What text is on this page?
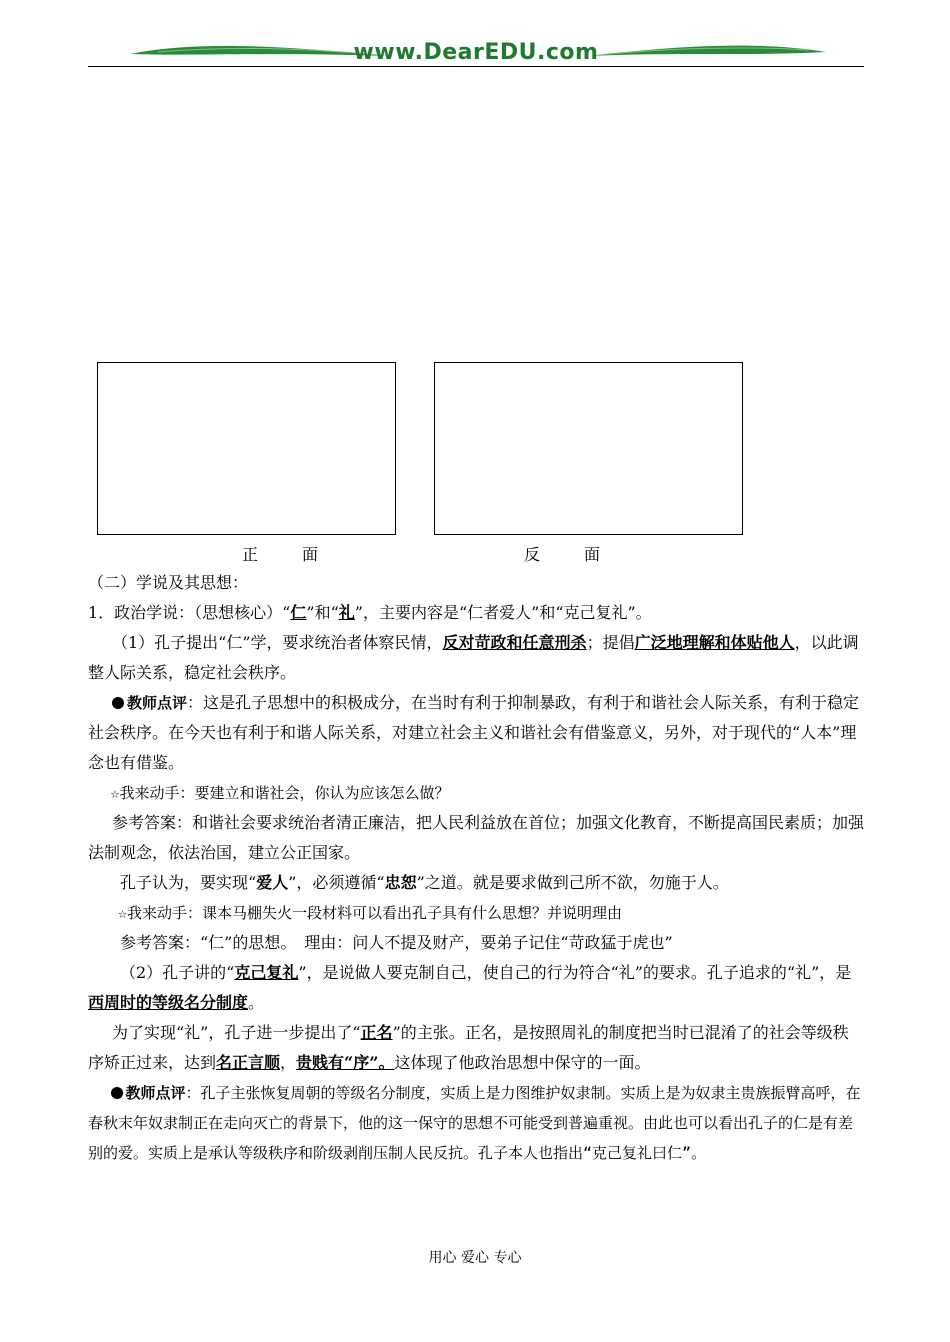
www.DearEDU.com
正　面	反　面

（二）学说及其思想：

1．政治学说：（思想核心）“仁”和“礼”，主要内容是“仁者爱人”和“克己复礼”。

（1）孔子提出“仁”学，要求统治者体察民情，反对苛政和任意刑杀；提倡广泛地理解和体贴他人，以此调整人际关系，稳定社会秩序。

教师点评：这是孔子思想中的积极成分，在当时有利于抑制暴政，有利于和谐社会人际关系，有利于稳定社会秩序。在今天也有利于和谐人际关系，对建立社会主义和谐社会有借鉴意义，另外，对于现代的“人本”理念也有借鉴。

☆我来动手：要建立和谐社会，你认为应该怎么做？

参考答案：和谐社会要求统治者清正廉洁，把人民利益放在首位；加强文化教育，不断提高国民素质；加强法制观念，依法治国，建立公正国家。

孔子认为，要实现“爱人”，必须遵循“忠恕”之道。就是要求做到己所不欲，勿施于人。

☆我来动手：课本马棚失火一段材料可以看出孔子具有什么思想？并说明理由

参考答案：“仁”的思想。　理由：问人不提及财产，要弟子记住“苛政猛于虎也”

（2）孔子讲的“克己复礼”，是说做人要克制自己，使自己的行为符合“礼”的要求。孔子追求的“礼”，是西周时的等级名分制度。

为了实现“礼”，孔子进一步提出了“正名”的主张。正名，是按照周礼的制度把当时已混淆了的社会等级秩序矫正过来，达到名正言顺，贵贱有“序”。这体现了他政治思想中保守的一面。

教师点评：孔子主张恢复周朝的等级名分制度，实质上是力图维护奴隶制。实质上是为奴隶主贵族振臂高呼，在春秋末年奴隶制正在走向灭亡的背景下，他的这一保守的思想不可能受到普遍重视。由此也可以看出孔子的仁是有差别的爱。实质上是承认等级秩序和阶级剥削压制人民反抗。孔子本人也指出“克己复礼曰仁”。

用心 爱心 专心
